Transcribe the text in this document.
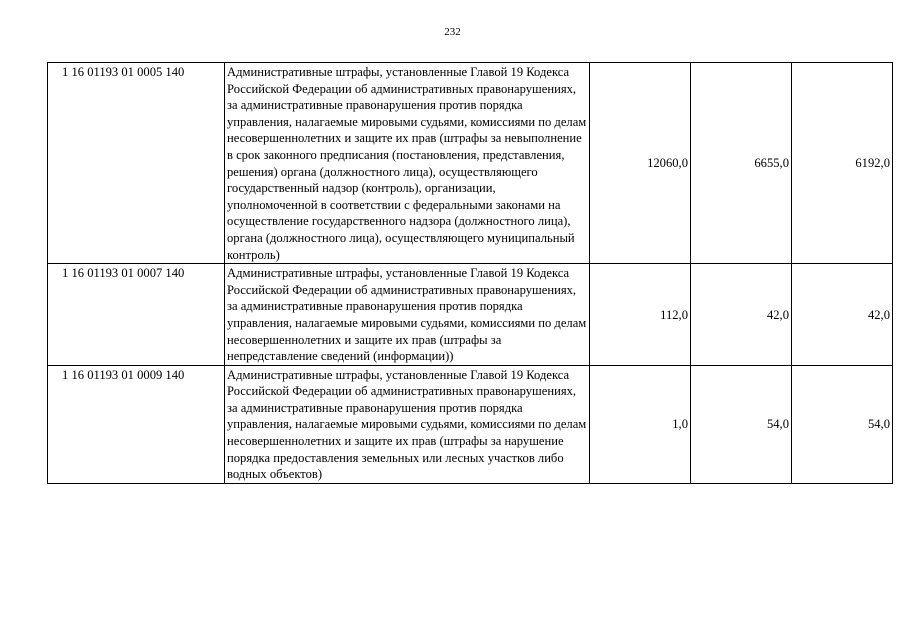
232
1 16 01193 01 0005 140	Административные штрафы, установленные Главой 19 Кодекса Российской Федерации об административных правонарушениях, за административные правонарушения против порядка управления, налагаемые мировыми судьями, комиссиями по делам несовершеннолетних и защите их прав (штрафы за невыполнение в срок законного предписания (постановления, представления, решения) органа (должностного лица), осуществляющего государственный надзор (контроль), организации, уполномоченной в соответствии с федеральными законами на осуществление государственного надзора (должностного лица), органа (должностного лица), осуществляющего муниципальный контроль)	12060,0	6655,0	6192,0
1 16 01193 01 0007 140	Административные штрафы, установленные Главой 19 Кодекса Российской Федерации об административных правонарушениях, за административные правонарушения против порядка управления, налагаемые мировыми судьями, комиссиями по делам несовершеннолетних и защите их прав (штрафы за непредставление сведений (информации))	112,0	42,0	42,0
1 16 01193 01 0009 140	Административные штрафы, установленные Главой 19 Кодекса Российской Федерации об административных правонарушениях, за административные правонарушения против порядка управления, налагаемые мировыми судьями, комиссиями по делам несовершеннолетних и защите их прав (штрафы за нарушение порядка предоставления земельных или лесных участков либо водных объектов)	1,0	54,0	54,0
